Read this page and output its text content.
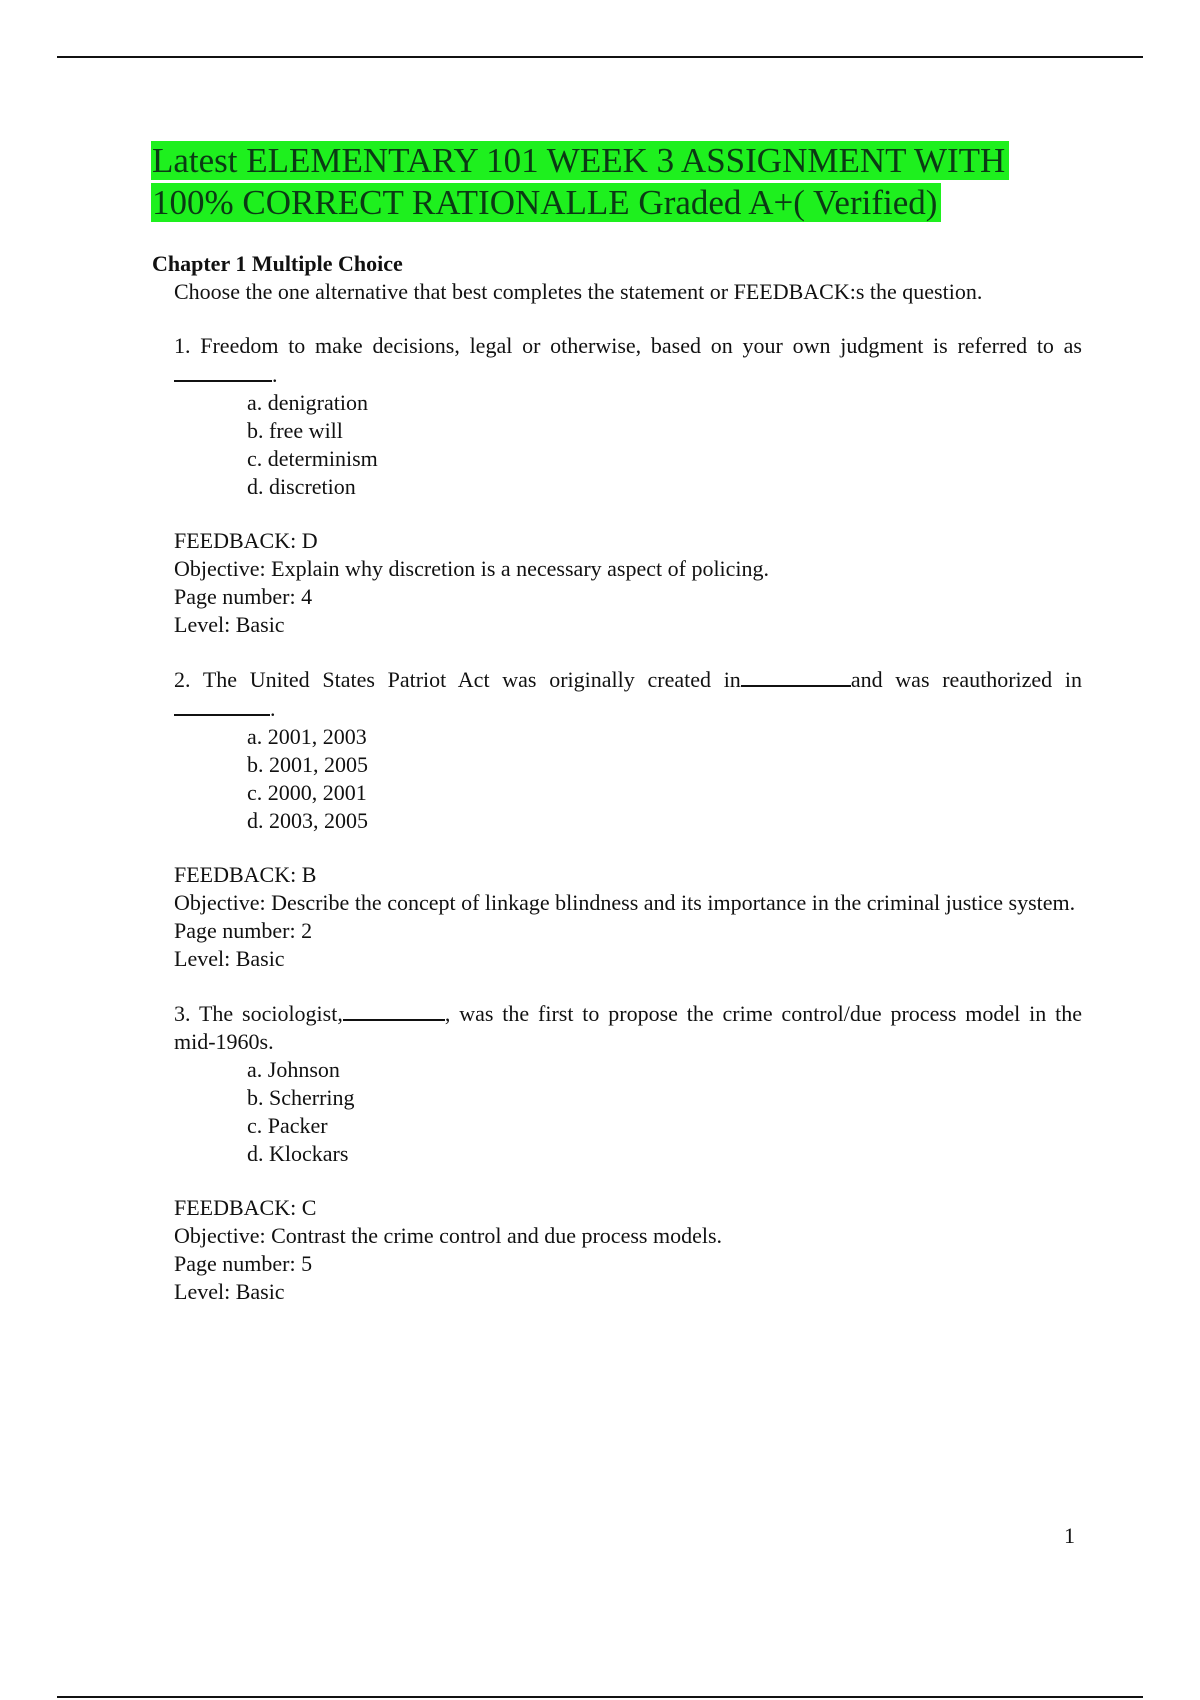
Latest ELEMENTARY 101 WEEK 3 ASSIGNMENT WITH 100% CORRECT RATIONALLE Graded A+( Verified)

Chapter 1 Multiple Choice

Choose the one alternative that best completes the statement or FEEDBACK:s the question.

1. Freedom to make decisions, legal or otherwise, based on your own judgment is referred to as.

a. denigration
b. free will
c. determinism
d. discretion

FEEDBACK: D

Objective: Explain why discretion is a necessary aspect of policing.

Page number: 4

Level: Basic

2. The United States Patriot Act was originally created in	and was reauthorized in .

a. 2001, 2003
b. 2001, 2005
c. 2000, 2001
d. 2003, 2005

FEEDBACK: B

Objective: Describe the concept of linkage blindness and its importance in the criminal justice system.

Page number: 2

Level: Basic

3. The sociologist,	, was the first to propose the crime control/due process model in the mid-1960s.

a. Johnson
b. Scherring
c. Packer
d. Klockars

FEEDBACK: C

Objective: Contrast the crime control and due process models.

Page number: 5

Level: Basic

1
